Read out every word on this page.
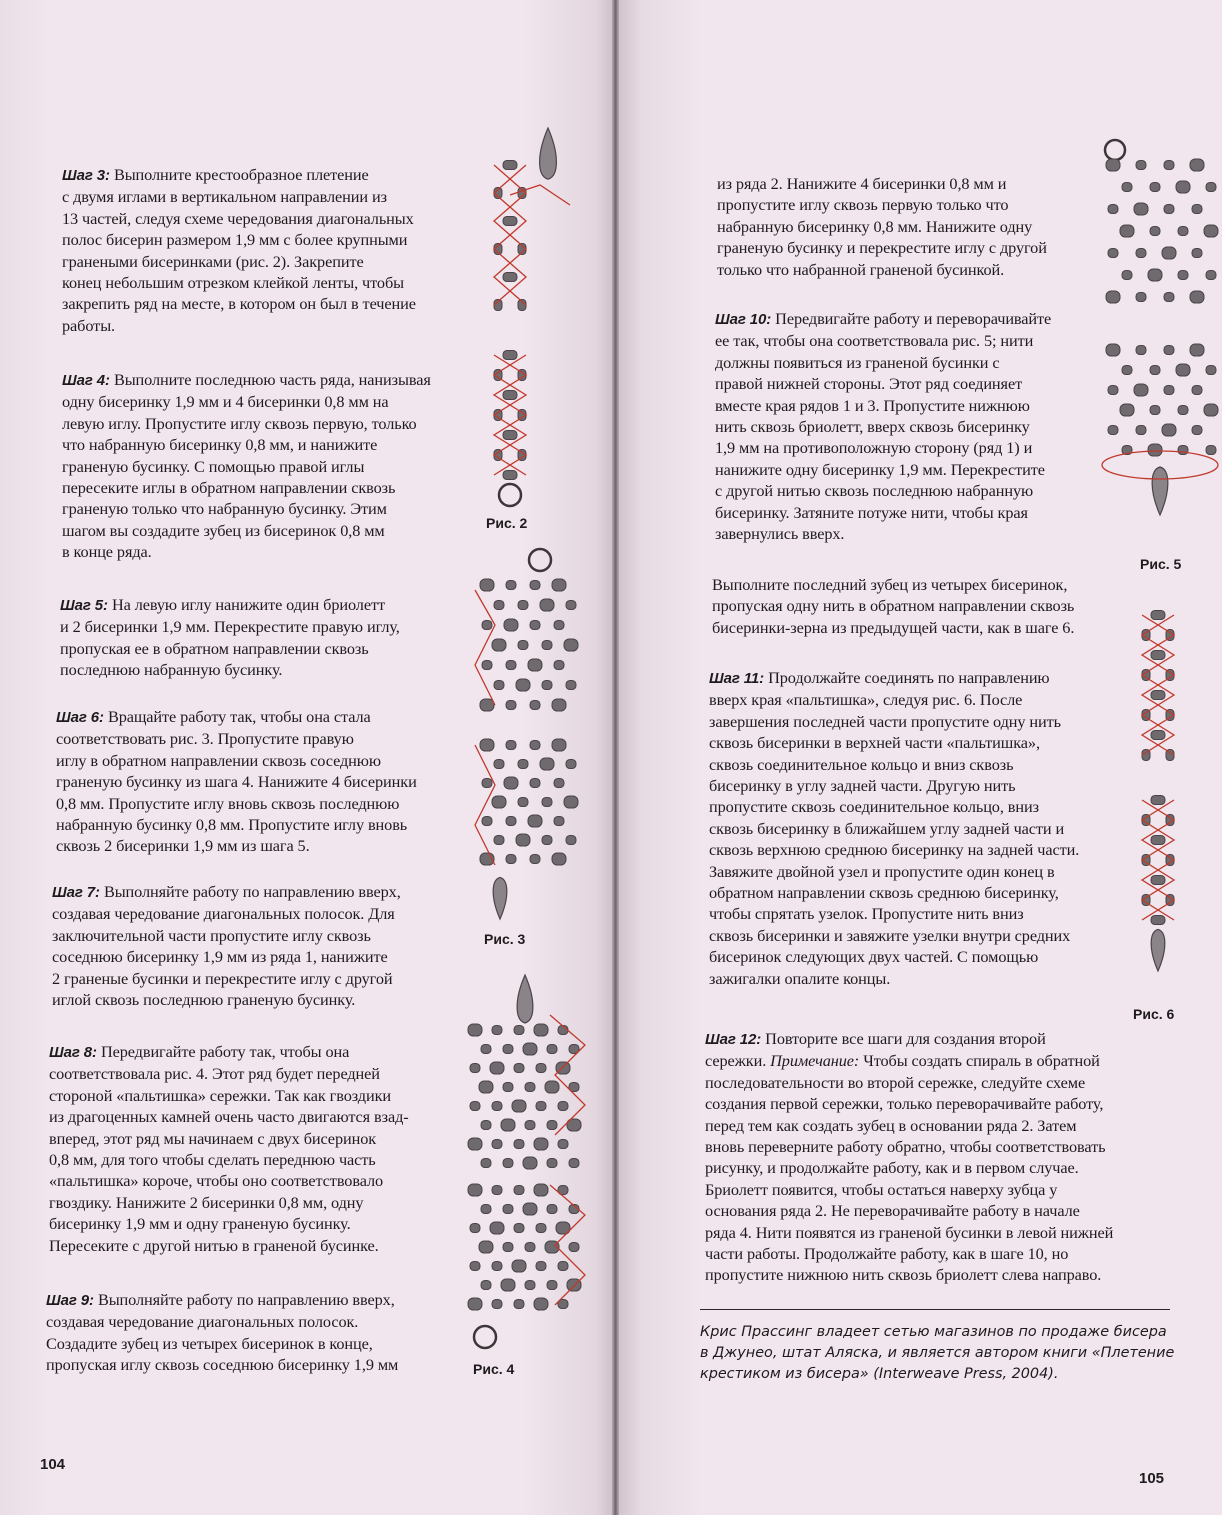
Шаг 3: Выполните крестообразное плетение
с двумя иглами в вертикальном направлении из
13 частей, следуя схеме чередования диагональных
полос бисерин размером 1,9 мм с более крупными
гранеными бисеринками (рис. 2). Закрепите
конец небольшим отрезком клейкой ленты, чтобы
закрепить ряд на месте, в котором он был в течение
работы.
Шаг 4: Выполните последнюю часть ряда, нанизывая
одну бисеринку 1,9 мм и 4 бисеринки 0,8 мм на
левую иглу. Пропустите иглу сквозь первую, только
что набранную бисеринку 0,8 мм, и нанижите
граненую бусинку. С помощью правой иглы
пересеките иглы в обратном направлении сквозь
граненую только что набранную бусинку. Этим
шагом вы создадите зубец из бисеринок 0,8 мм
в конце ряда.
Шаг 5: На левую иглу нанижите один бриолетт
и 2 бисеринки 1,9 мм. Перекрестите правую иглу,
пропуская ее в обратном направлении сквозь
последнюю набранную бусинку.
Шаг 6: Вращайте работу так, чтобы она стала
соответствовать рис. 3. Пропустите правую
иглу в обратном направлении сквозь соседнюю
граненую бусинку из шага 4. Нанижите 4 бисеринки
0,8 мм. Пропустите иглу вновь сквозь последнюю
набранную бусинку 0,8 мм. Пропустите иглу вновь
сквозь 2 бисеринки 1,9 мм из шага 5.
Шаг 7: Выполняйте работу по направлению вверх,
создавая чередование диагональных полосок. Для
заключительной части пропустите иглу сквозь
соседнюю бисеринку 1,9 мм из ряда 1, нанижите
2 граненые бусинки и перекрестите иглу с другой
иглой сквозь последнюю граненую бусинку.
Шаг 8: Передвигайте работу так, чтобы она
соответствовала рис. 4. Этот ряд будет передней
стороной «пальтишка» сережки. Так как гвоздики
из драгоценных камней очень часто двигаются взад-
вперед, этот ряд мы начинаем с двух бисеринок
0,8 мм, для того чтобы сделать переднюю часть
«пальтишка» короче, чтобы оно соответствовало
гвоздику. Нанижите 2 бисеринки 0,8 мм, одну
бисеринку 1,9 мм и одну граненую бусинку.
Пересеките с другой нитью в граненой бусинке.
Шаг 9: Выполняйте работу по направлению вверх,
создавая чередование диагональных полосок.
Создадите зубец из четырех бисеринок в конце,
пропуская иглу сквозь соседнюю бисеринку 1,9 мм
Рис. 2
Рис. 3
Рис. 4
104
из ряда 2. Нанижите 4 бисеринки 0,8 мм и
пропустите иглу сквозь первую только что
набранную бисеринку 0,8 мм. Нанижите одну
граненую бусинку и перекрестите иглу с другой
только что набранной граненой бусинкой.
Шаг 10: Передвигайте работу и переворачивайте
ее так, чтобы она соответствовала рис. 5; нити
должны появиться из граненой бусинки с
правой нижней стороны. Этот ряд соединяет
вместе края рядов 1 и 3. Пропустите нижнюю
нить сквозь бриолетт, вверх сквозь бисеринку
1,9 мм на противоположную сторону (ряд 1) и
нанижите одну бисеринку 1,9 мм. Перекрестите
с другой нитью сквозь последнюю набранную
бисеринку. Затяните потуже нити, чтобы края
завернулись вверх.
Выполните последний зубец из четырех бисеринок,
пропуская одну нить в обратном направлении сквозь
бисеринки-зерна из предыдущей части, как в шаге 6.
Шаг 11: Продолжайте соединять по направлению
вверх края «пальтишка», следуя рис. 6. После
завершения последней части пропустите одну нить
сквозь бисеринки в верхней части «пальтишка»,
сквозь соединительное кольцо и вниз сквозь
бисеринку в углу задней части. Другую нить
пропустите сквозь соединительное кольцо, вниз
сквозь бисеринку в ближайшем углу задней части и
сквозь верхнюю среднюю бисеринку на задней части.
Завяжите двойной узел и пропустите один конец в
обратном направлении сквозь среднюю бисеринку,
чтобы спрятать узелок. Пропустите нить вниз
сквозь бисеринки и завяжите узелки внутри средних
бисеринок следующих двух частей. С помощью
зажигалки опалите концы.
Шаг 12: Повторите все шаги для создания второй
сережки. Примечание: Чтобы создать спираль в обратной
последовательности во второй сережке, следуйте схеме
создания первой сережки, только переворачивайте работу,
перед тем как создать зубец в основании ряда 2. Затем
вновь переверните работу обратно, чтобы соответствовать
рисунку, и продолжайте работу, как и в первом случае.
Бриолетт появится, чтобы остаться наверху зубца у
основания ряда 2. Не переворачивайте работу в начале
ряда 4. Нити появятся из граненой бусинки в левой нижней
части работы. Продолжайте работу, как в шаге 10, но
пропустите нижнюю нить сквозь бриолетт слева направо.
Крис Прассинг владеет сетью магазинов по продаже бисера
в Джунео, штат Аляска, и является автором книги «Плетение
крестиком из бисера» (Interweave Press, 2004).
Рис. 5
Рис. 6
105
